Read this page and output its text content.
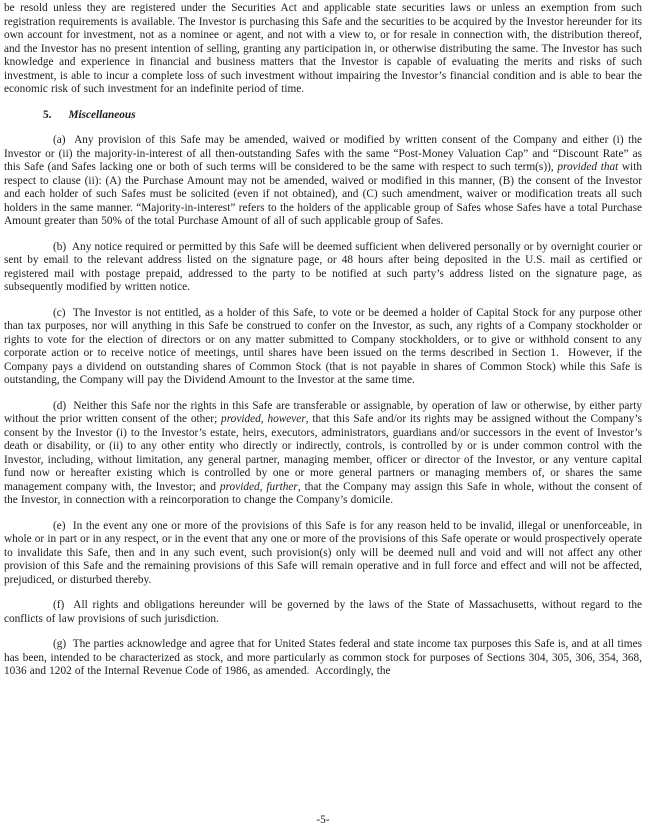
be resold unless they are registered under the Securities Act and applicable state securities laws or unless an exemption from such registration requirements is available. The Investor is purchasing this Safe and the securities to be acquired by the Investor hereunder for its own account for investment, not as a nominee or agent, and not with a view to, or for resale in connection with, the distribution thereof, and the Investor has no present intention of selling, granting any participation in, or otherwise distributing the same. The Investor has such knowledge and experience in financial and business matters that the Investor is capable of evaluating the merits and risks of such investment, is able to incur a complete loss of such investment without impairing the Investor’s financial condition and is able to bear the economic risk of such investment for an indefinite period of time.

5. Miscellaneous

(a)  Any provision of this Safe may be amended, waived or modified by written consent of the Company and either (i) the Investor or (ii) the majority-in-interest of all then-outstanding Safes with the same “Post-Money Valuation Cap” and “Discount Rate” as this Safe (and Safes lacking one or both of such terms will be considered to be the same with respect to such term(s)), provided that with respect to clause (ii): (A) the Purchase Amount may not be amended, waived or modified in this manner, (B) the consent of the Investor and each holder of such Safes must be solicited (even if not obtained), and (C) such amendment, waiver or modification treats all such holders in the same manner. “Majority-in-interest” refers to the holders of the applicable group of Safes whose Safes have a total Purchase Amount greater than 50% of the total Purchase Amount of all of such applicable group of Safes.

(b)  Any notice required or permitted by this Safe will be deemed sufficient when delivered personally or by overnight courier or sent by email to the relevant address listed on the signature page, or 48 hours after being deposited in the U.S. mail as certified or registered mail with postage prepaid, addressed to the party to be notified at such party’s address listed on the signature page, as subsequently modified by written notice.

(c)  The Investor is not entitled, as a holder of this Safe, to vote or be deemed a holder of Capital Stock for any purpose other than tax purposes, nor will anything in this Safe be construed to confer on the Investor, as such, any rights of a Company stockholder or rights to vote for the election of directors or on any matter submitted to Company stockholders, or to give or withhold consent to any corporate action or to receive notice of meetings, until shares have been issued on the terms described in Section 1.  However, if the Company pays a dividend on outstanding shares of Common Stock (that is not payable in shares of Common Stock) while this Safe is outstanding, the Company will pay the Dividend Amount to the Investor at the same time.

(d)  Neither this Safe nor the rights in this Safe are transferable or assignable, by operation of law or otherwise, by either party without the prior written consent of the other; provided, however, that this Safe and/or its rights may be assigned without the Company’s consent by the Investor (i) to the Investor’s estate, heirs, executors, administrators, guardians and/or successors in the event of Investor’s death or disability, or (ii) to any other entity who directly or indirectly, controls, is controlled by or is under common control with the Investor, including, without limitation, any general partner, managing member, officer or director of the Investor, or any venture capital fund now or hereafter existing which is controlled by one or more general partners or managing members of, or shares the same management company with, the Investor; and provided, further, that the Company may assign this Safe in whole, without the consent of the Investor, in connection with a reincorporation to change the Company’s domicile.

(e)  In the event any one or more of the provisions of this Safe is for any reason held to be invalid, illegal or unenforceable, in whole or in part or in any respect, or in the event that any one or more of the provisions of this Safe operate or would prospectively operate to invalidate this Safe, then and in any such event, such provision(s) only will be deemed null and void and will not affect any other provision of this Safe and the remaining provisions of this Safe will remain operative and in full force and effect and will not be affected, prejudiced, or disturbed thereby.

(f)  All rights and obligations hereunder will be governed by the laws of the State of Massachusetts, without regard to the conflicts of law provisions of such jurisdiction.

(g)  The parties acknowledge and agree that for United States federal and state income tax purposes this Safe is, and at all times has been, intended to be characterized as stock, and more particularly as common stock for purposes of Sections 304, 305, 306, 354, 368, 1036 and 1202 of the Internal Revenue Code of 1986, as amended.  Accordingly, the

-5-
